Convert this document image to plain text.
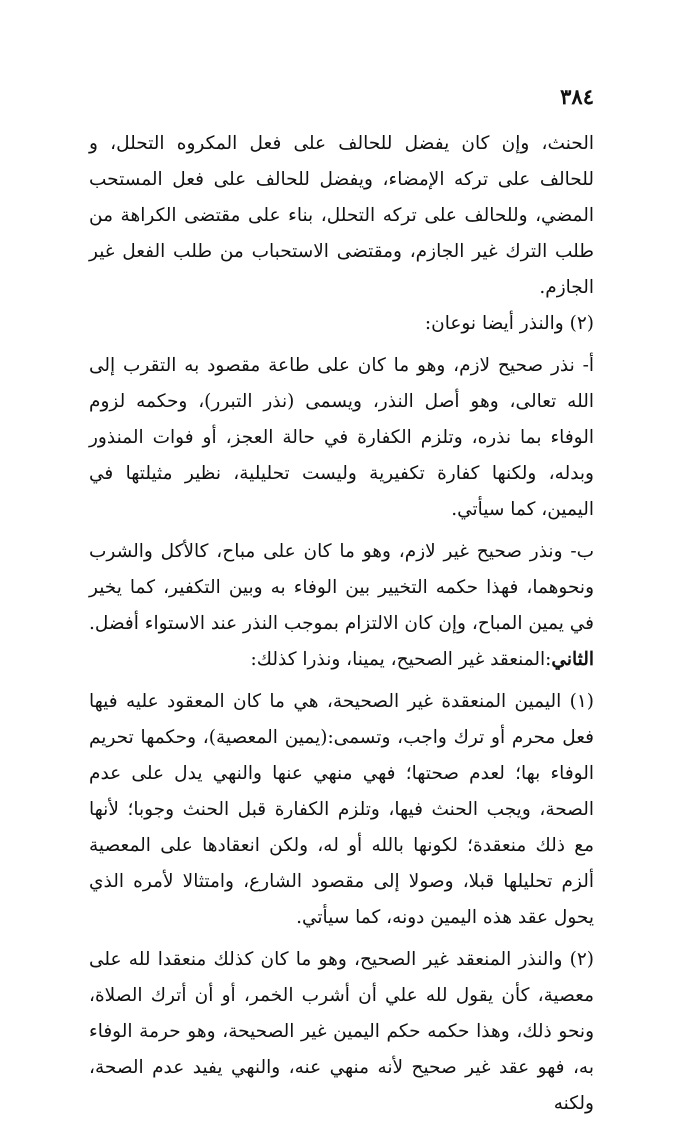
٣٨٤

الحنث، وإن كان يفضل للحالف على فعل المكروه التحلل، و للحالف على تركه الإمضاء، ويفضل للحالف على فعل المستحب المضي، وللحالف على تركه التحلل، بناء على مقتضى الكراهة من طلب الترك غير الجازم، ومقتضى الاستحباب من طلب الفعل غير الجازم.

(٢) والنذر أيضا نوعان:

أ- نذر صحيح لازم، وهو ما كان على طاعة مقصود به التقرب إلى الله تعالى، وهو أصل النذر، ويسمى (نذر التبرر)، وحكمه لزوم الوفاء بما نذره، وتلزم الكفارة في حالة العجز، أو فوات المنذور وبدله، ولكنها كفارة تكفيرية وليست تحليلية، نظير مثيلتها في اليمين، كما سيأتي.

ب- ونذر صحيح غير لازم، وهو ما كان على مباح، كالأكل والشرب ونحوهما، فهذا حكمه التخيير بين الوفاء به وبين التكفير، كما يخير في يمين المباح، وإن كان الالتزام بموجب النذر عند الاستواء أفضل.

الثاني:المنعقد غير الصحيح، يمينا، ونذرا كذلك:

(١) اليمين المنعقدة غير الصحيحة، هي ما كان المعقود عليه فيها فعل محرم أو ترك واجب، وتسمى:(يمين المعصية)، وحكمها تحريم الوفاء بها؛ لعدم صحتها؛ فهي منهي عنها والنهي يدل على عدم الصحة، ويجب الحنث فيها، وتلزم الكفارة قبل الحنث وجوبا؛ لأنها مع ذلك منعقدة؛ لكونها بالله أو له، ولكن انعقادها على المعصية ألزم تحليلها قبلا، وصولا إلى مقصود الشارع، وامتثالا لأمره الذي يحول عقد هذه اليمين دونه، كما سيأتي.

(٢) والنذر المنعقد غير الصحيح، وهو ما كان كذلك منعقدا لله على معصية، كأن يقول لله علي أن أشرب الخمر، أو أن أترك الصلاة، ونحو ذلك، وهذا حكمه حكم اليمين غير الصحيحة، وهو حرمة الوفاء به، فهو عقد غير صحيح لأنه منهي عنه، والنهي يفيد عدم الصحة، ولكنه
